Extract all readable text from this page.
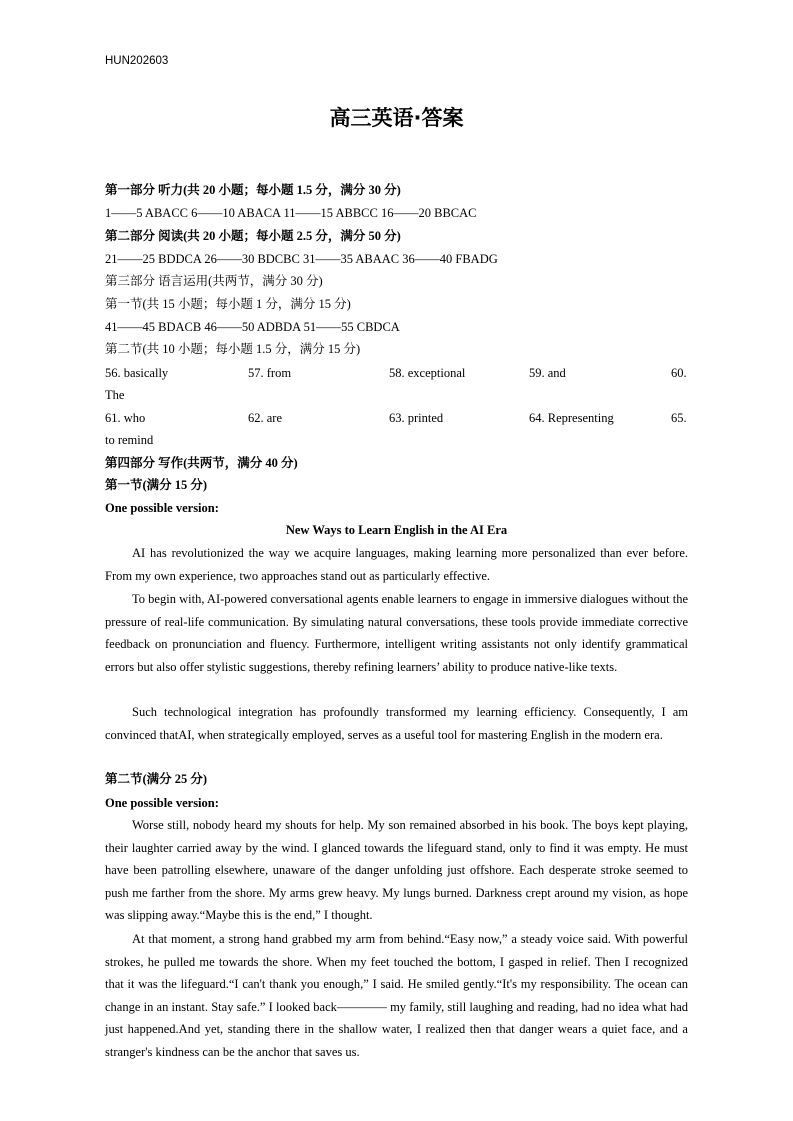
HUN202603
高三英语·答案
第一部分 听力(共 20 小题；每小题 1.5 分，满分 30 分)
1——5 ABACC 6——10 ABACA 11——15 ABBCC 16——20 BBCAC
第二部分 阅读(共 20 小题；每小题 2.5 分，满分 50 分)
21——25 BDDCA 26——30 BDCBC 31——35 ABAAC 36——40 FBADG
第三部分 语言运用(共两节，满分 30 分)
第一节(共 15 小题；每小题 1 分，满分 15 分)
41——45 BDACB 46——50 ADBDA 51——55 CBDCA
第二节(共 10 小题；每小题 1.5 分，满分 15 分)
56. basically	57. from	58. exceptional	59. and	60.
The
61. who	62. are	63. printed	64. Representing	65.
to remind
第四部分 写作(共两节，满分 40 分)
第一节(满分 15 分)
One possible version:
New Ways to Learn English in the AI Era

AI has revolutionized the way we acquire languages, making learning more personalized than ever before. From my own experience, two approaches stand out as particularly effective.

To begin with, AI-powered conversational agents enable learners to engage in immersive dialogues without the pressure of real-life communication. By simulating natural conversations, these tools provide immediate corrective feedback on pronunciation and fluency. Furthermore, intelligent writing assistants not only identify grammatical errors but also offer stylistic suggestions, thereby refining learners’ ability to produce native-like texts.

Such technological integration has profoundly transformed my learning efficiency. Consequently, I am convinced thatAI, when strategically employed, serves as a useful tool for mastering English in the modern era.

第二节(满分 25 分)
One possible version:

Worse still, nobody heard my shouts for help. My son remained absorbed in his book. The boys kept playing, their laughter carried away by the wind. I glanced towards the lifeguard stand, only to find it was empty. He must have been patrolling elsewhere, unaware of the danger unfolding just offshore. Each desperate stroke seemed to push me farther from the shore. My arms grew heavy. My lungs burned. Darkness crept around my vision, as hope was slipping away.“Maybe this is the end,” I thought.

At that moment, a strong hand grabbed my arm from behind.“Easy now,” a steady voice said. With powerful strokes, he pulled me towards the shore. When my feet touched the bottom, I gasped in relief. Then I recognized that it was the lifeguard.“I can't thank you enough,” I said. He smiled gently.“It's my responsibility. The ocean can change in an instant. Stay safe.” I looked back———— my family, still laughing and reading, had no idea what had just happened.And yet, standing there in the shallow water, I realized then that danger wears a quiet face, and a stranger's kindness can be the anchor that saves us.
